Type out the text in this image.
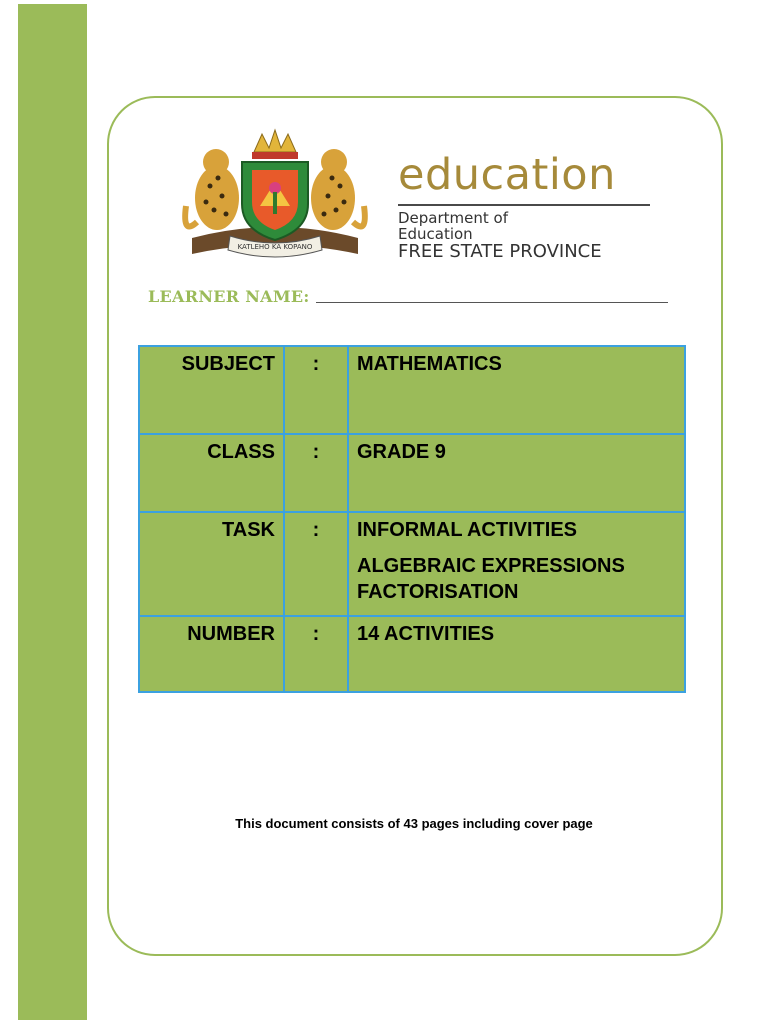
KATLEHO KA KOPANO
education
Department of
Education
FREE STATE PROVINCE
LEARNER NAME:
SUBJECT	:	MATHEMATICS
CLASS	:	GRADE 9
TASK	:	INFORMAL ACTIVITIES
ALGEBRAIC EXPRESSIONS FACTORISATION

NUMBER	:	14 ACTIVITIES
This document consists of 43 pages including cover page
